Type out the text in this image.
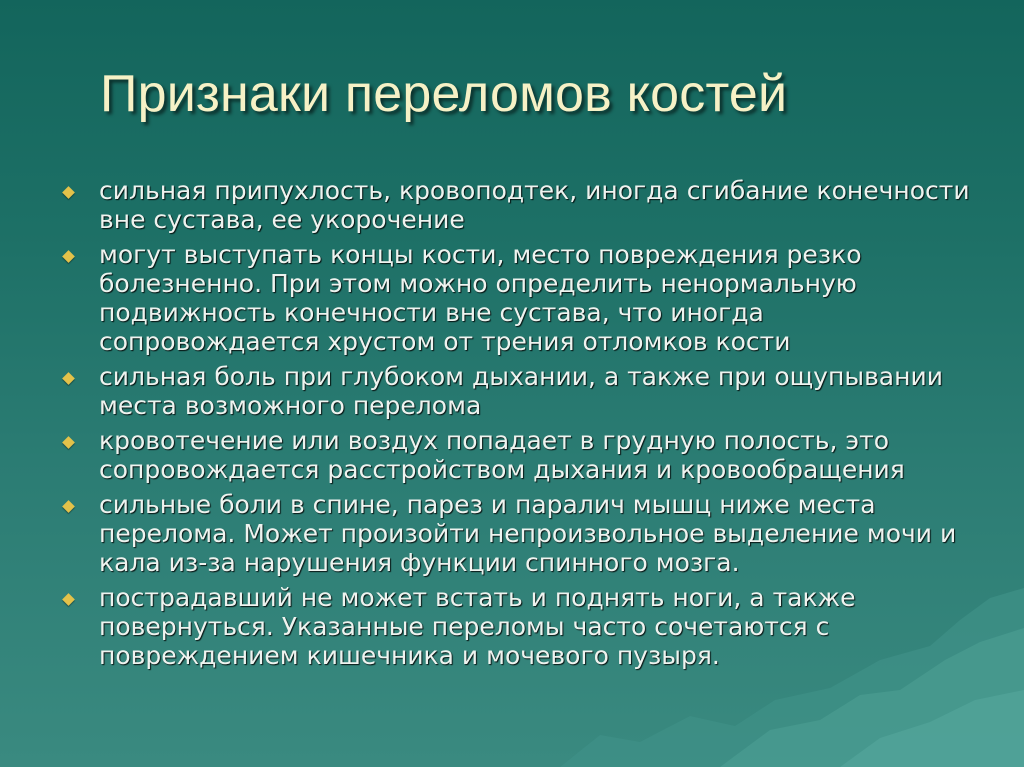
Признаки переломов костей
сильная припухлость, кровоподтек, иногда сгибание конечности вне сустава, ее укорочение
могут выступать концы кости, место повреждения резко болезненно. При этом можно определить ненормальную подвижность конечности вне сустава, что иногда сопровождается хрустом от трения отломков кости
сильная боль при глубоком дыхании, а также при ощупывании места возможного перелома
кровотечение или воздух попадает в грудную полость, это сопровождается расстройством дыхания и кровообращения
сильные боли в спине, парез и паралич мышц ниже места перелома. Может произойти непроизвольное выделение мочи и кала из-за нарушения функции спинного мозга.
пострадавший не может встать и поднять ноги, а также повернуться. Указанные переломы часто сочетаются с повреждением кишечника и мочевого пузыря.
